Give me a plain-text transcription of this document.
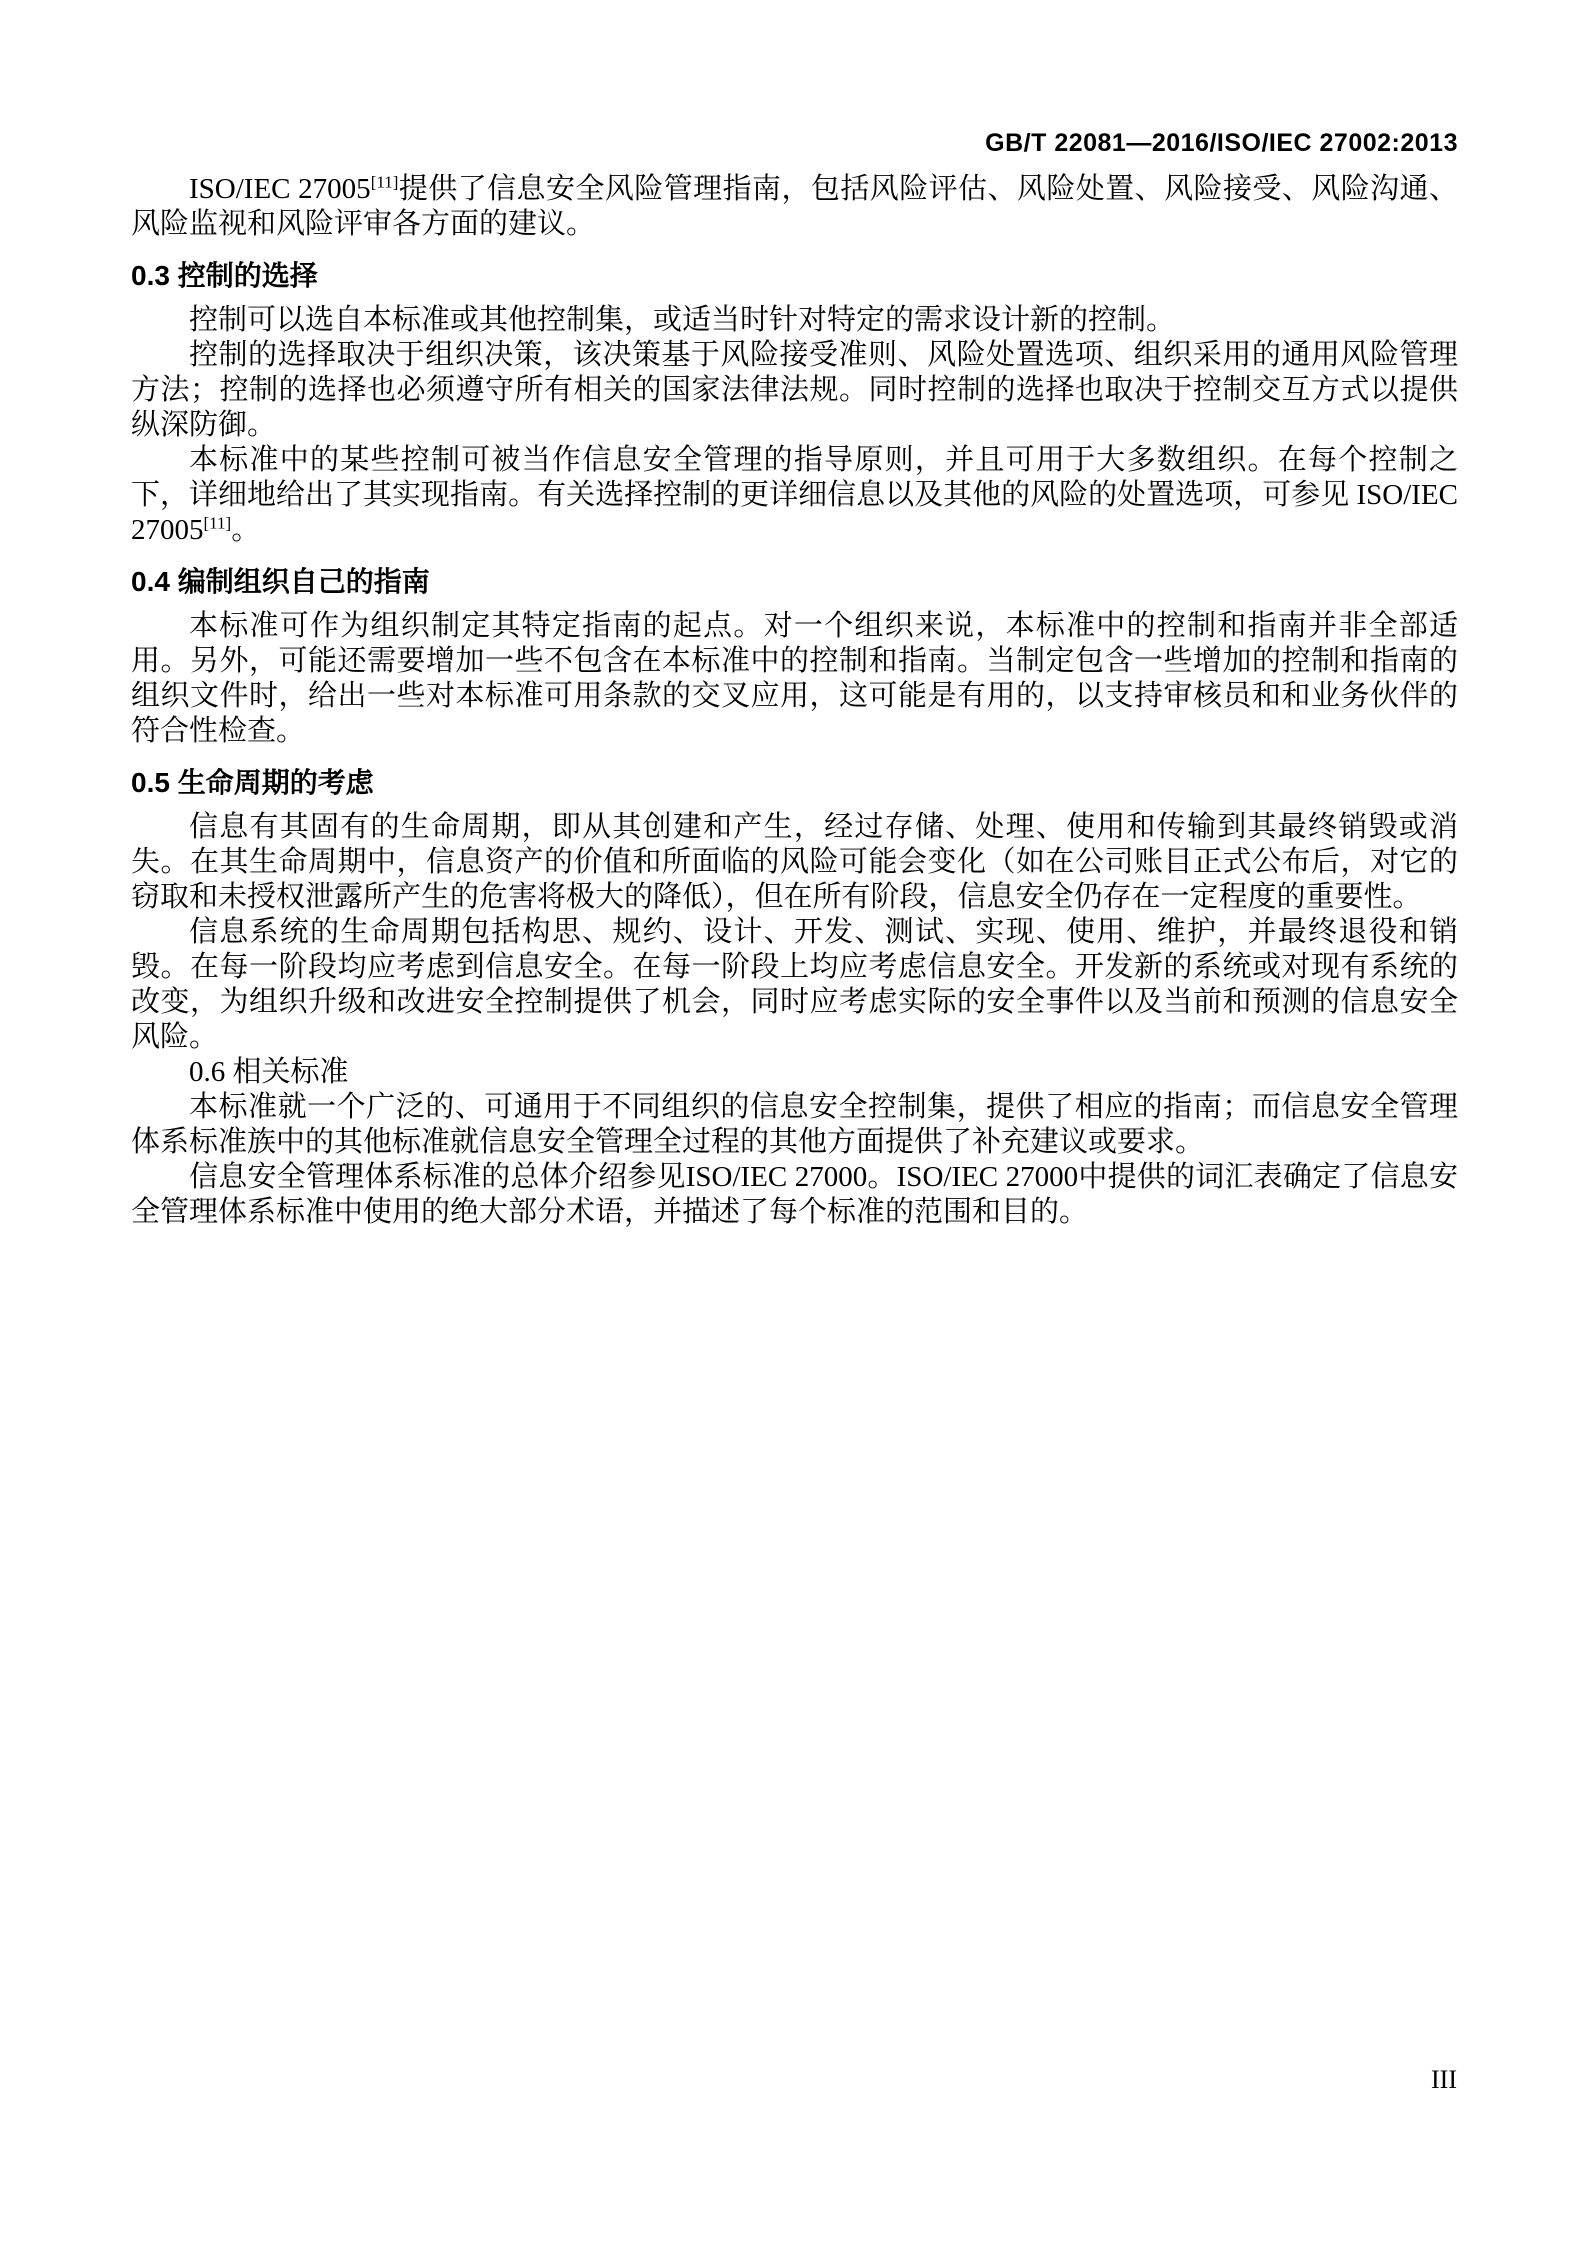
GB/T 22081—2016/ISO/IEC 27002:2013

ISO/IEC 27005[11]提供了信息安全风险管理指南，包括风险评估、风险处置、风险接受、风险沟通、风险监视和风险评审各方面的建议。

0.3 控制的选择

控制可以选自本标准或其他控制集，或适当时针对特定的需求设计新的控制。

控制的选择取决于组织决策，该决策基于风险接受准则、风险处置选项、组织采用的通用风险管理方法；控制的选择也必须遵守所有相关的国家法律法规。同时控制的选择也取决于控制交互方式以提供纵深防御。

本标准中的某些控制可被当作信息安全管理的指导原则，并且可用于大多数组织。在每个控制之下，详细地给出了其实现指南。有关选择控制的更详细信息以及其他的风险的处置选项，可参见 ISO/IEC 27005[11]。

0.4 编制组织自己的指南

本标准可作为组织制定其特定指南的起点。对一个组织来说，本标准中的控制和指南并非全部适用。另外，可能还需要增加一些不包含在本标准中的控制和指南。当制定包含一些增加的控制和指南的组织文件时，给出一些对本标准可用条款的交叉应用，这可能是有用的，以支持审核员和和业务伙伴的符合性检查。

0.5 生命周期的考虑

信息有其固有的生命周期，即从其创建和产生，经过存储、处理、使用和传输到其最终销毁或消失。在其生命周期中，信息资产的价值和所面临的风险可能会变化（如在公司账目正式公布后，对它的窃取和未授权泄露所产生的危害将极大的降低），但在所有阶段，信息安全仍存在一定程度的重要性。

信息系统的生命周期包括构思、规约、设计、开发、测试、实现、使用、维护，并最终退役和销毁。在每一阶段均应考虑到信息安全。在每一阶段上均应考虑信息安全。开发新的系统或对现有系统的改变，为组织升级和改进安全控制提供了机会，同时应考虑实际的安全事件以及当前和预测的信息安全风险。

0.6 相关标准

本标准就一个广泛的、可通用于不同组织的信息安全控制集，提供了相应的指南；而信息安全管理体系标准族中的其他标准就信息安全管理全过程的其他方面提供了补充建议或要求。

信息安全管理体系标准的总体介绍参见ISO/IEC 27000。ISO/IEC 27000中提供的词汇表确定了信息安全管理体系标准中使用的绝大部分术语，并描述了每个标准的范围和目的。

III
